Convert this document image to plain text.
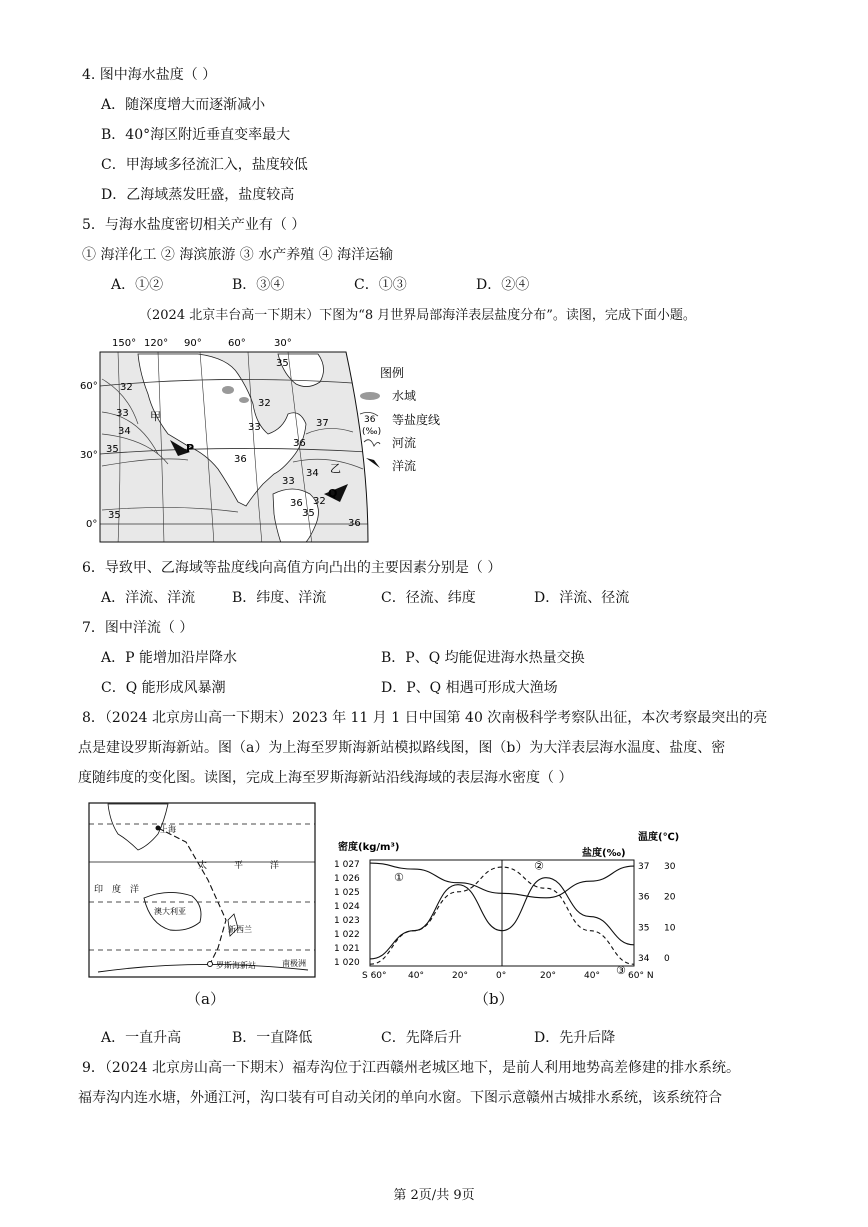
4. 图中海水盐度（ ）
A．随深度增大而逐渐减小
B．40°海区附近垂直变率最大
C．甲海域多径流汇入，盐度较低
D．乙海域蒸发旺盛，盐度较高
5．与海水盐度密切相关产业有（ ）
① 海洋化工 ② 海滨旅游 ③ 水产养殖 ④ 海洋运输
A．①②	B．③④	C．①③	D．②④
（2024 北京丰台高一下期末）下图为“8 月世界局部海洋表层盐度分布”。读图，完成下面小题。
150° 120° 90°	60°	30°
60°
30°
0°
35
32
33
34
35
33
32
36
37
36
34
33
35
36 32
35
36
甲
P
乙
Q
图例
水域
36
(‰)
等盐度线
河流
洋流
6．导致甲、乙海域等盐度线向高值方向凸出的主要因素分别是（ ）
A．洋流、洋流	B．纬度、洋流	C．径流、纬度	D．洋流、径流
7．图中洋流（ ）
A．P 能增加沿岸降水	B．P、Q 均能促进海水热量交换
C．Q 能形成风暴潮	D．P、Q 相遇可形成大渔场
8．（2024 北京房山高一下期末）2023 年 11 月 1 日中国第 40 次南极科学考察队出征，本次考察最突出的亮
点是建设罗斯海新站。图（a）为上海至罗斯海新站模拟路线图，图（b）为大洋表层海水温度、盐度、密
度随纬度的变化图。读图，完成上海至罗斯海新站沿线海域的表层海水密度（ ）
上海
太	平	洋
印 度 洋
澳大利亚
新西兰
罗斯海新站	南极洲
（a）
密度(kg/m³)
盐度(‰)
温度(℃)
S 60° 40°	20°	0°	20°	40°	60° N
1 027
1 026
1 025
1 024
1 023
1 022
1 021
1 020
37
36
35
34
30
20
10
0
①
②
③
（b）
A．一直升高	B．一直降低	C．先降后升	D．先升后降
9．（2024 北京房山高一下期末）福寿沟位于江西赣州老城区地下，是前人利用地势高差修建的排水系统。
福寿沟内连水塘，外通江河，沟口装有可自动关闭的单向水窗。下图示意赣州古城排水系统，该系统符合
第 2页/共 9页
